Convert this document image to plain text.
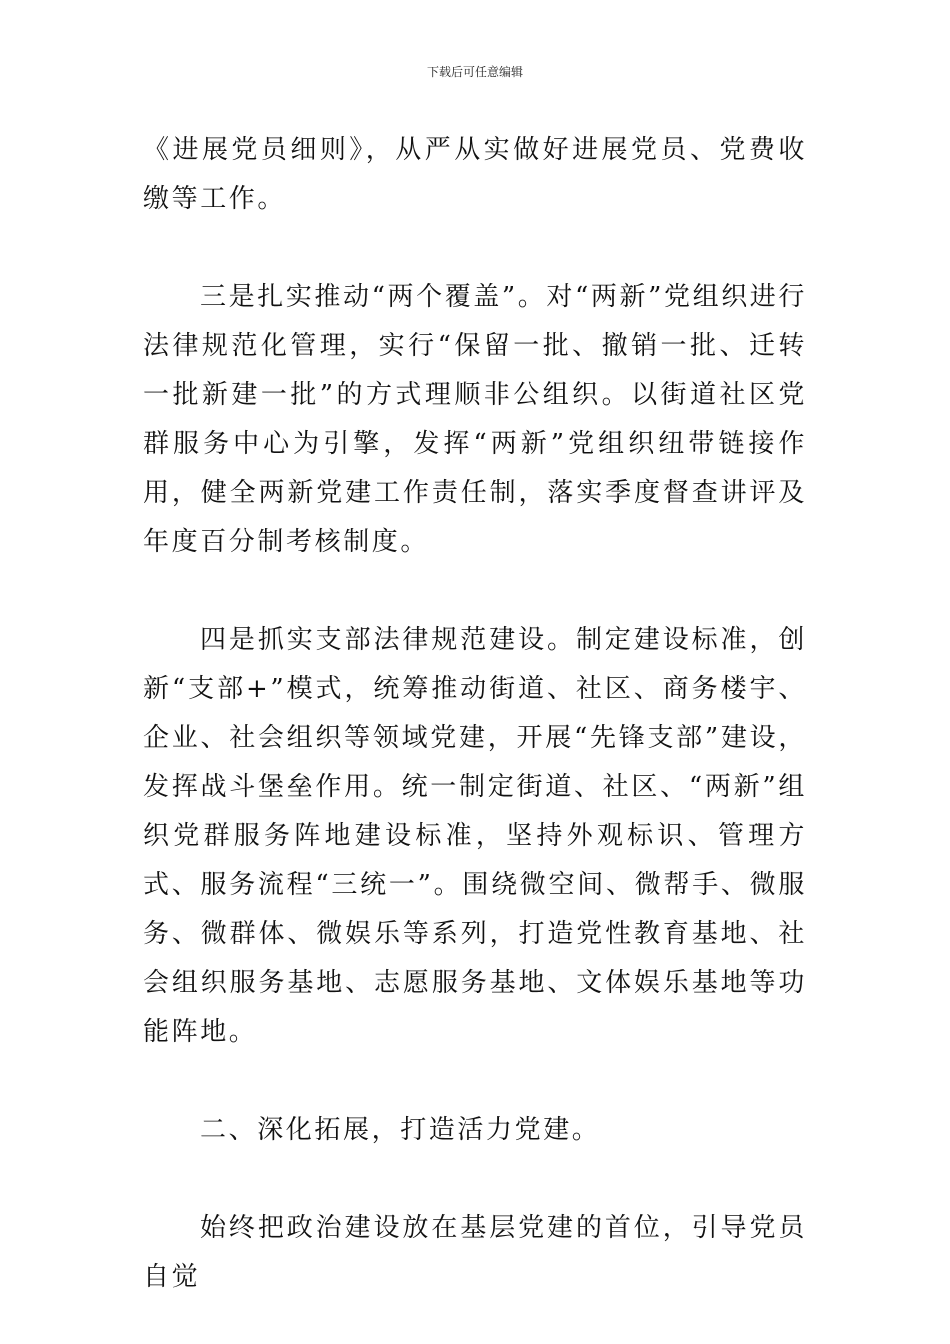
下载后可任意编辑

《进展党员细则》，从严从实做好进展党员、党费收缴等工作。

三是扎实推动“两个覆盖”。对“两新”党组织进行法律规范化管理，实行“保留一批、撤销一批、迁转一批新建一批”的方式理顺非公组织。以街道社区党群服务中心为引擎，发挥“两新”党组织纽带链接作用，健全两新党建工作责任制，落实季度督查讲评及年度百分制考核制度。

四是抓实支部法律规范建设。制定建设标准，创新“支部+”模式，统筹推动街道、社区、商务楼宇、企业、社会组织等领域党建，开展“先锋支部”建设，发挥战斗堡垒作用。统一制定街道、社区、“两新”组织党群服务阵地建设标准，坚持外观标识、管理方式、服务流程“三统一”。围绕微空间、微帮手、微服务、微群体、微娱乐等系列，打造党性教育基地、社会组织服务基地、志愿服务基地、文体娱乐基地等功能阵地。

二、深化拓展，打造活力党建。

始终把政治建设放在基层党建的首位，引导党员自觉
